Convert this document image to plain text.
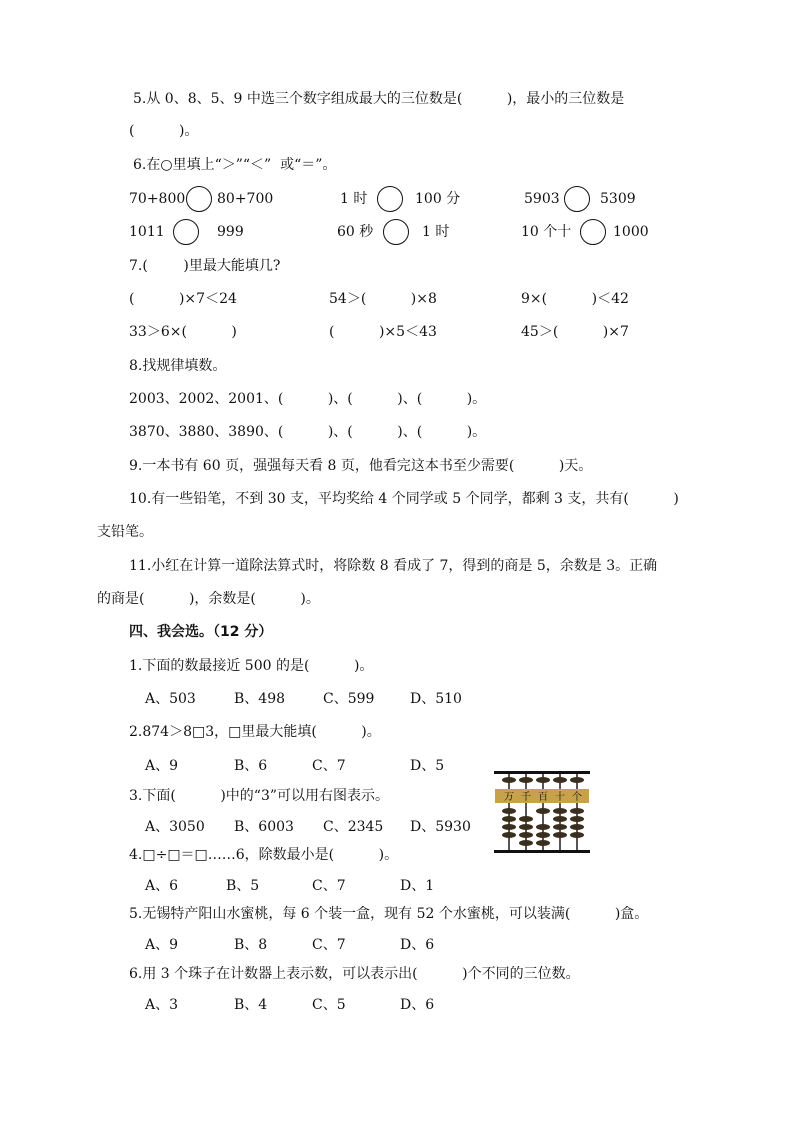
5.从 0、8、5、9 中选三个数字组成最大的三位数是(          )，最小的三位数是
(          )。
6.在○里填上“＞”“＜”  或“＝”。
70+800 80+700	1 时	100 分	5903	5309
1011	999	60 秒	1 时	10 个十	1000
7.(        )里最大能填几?
(          )×7＜24	54＞(          )×8	9×(          )＜42
33＞6×(          )	(          )×5＜43	45＞(          )×7
8.找规律填数。
2003、2002、2001、(          )、(          )、(          )。
3870、3880、3890、(          )、(          )、(          )。
9.一本书有 60 页，强强每天看 8 页，他看完这本书至少需要(          )天。
10.有一些铅笔，不到 30 支，平均奖给 4 个同学或 5 个同学，都剩 3 支，共有(          )
支铅笔。
11.小红在计算一道除法算式时，将除数 8 看成了 7，得到的商是 5，余数是 3。正确
的商是(          )，余数是(          )。
四、我会选。（12 分）
1.下面的数最接近 500 的是(          )。
A、503	B、498	C、599	D、510
2.874＞8□3，□里最大能填(          )。
A、9	B、6	C、7	D、5
3.下面(          )中的“3”可以用右图表示。
A、3050 B、6003 C、2345 D、5930
万 千 百 十 个
4.□÷□＝□……6，除数最小是(          )。
A、6	B、5	C、7	D、1
5.无锡特产阳山水蜜桃，每 6 个装一盒，现有 52 个水蜜桃，可以装满(          )盒。
A、9	B、8	C、7	D、6
6.用 3 个珠子在计数器上表示数，可以表示出(          )个不同的三位数。
A、3	B、4	C、5	D、6
